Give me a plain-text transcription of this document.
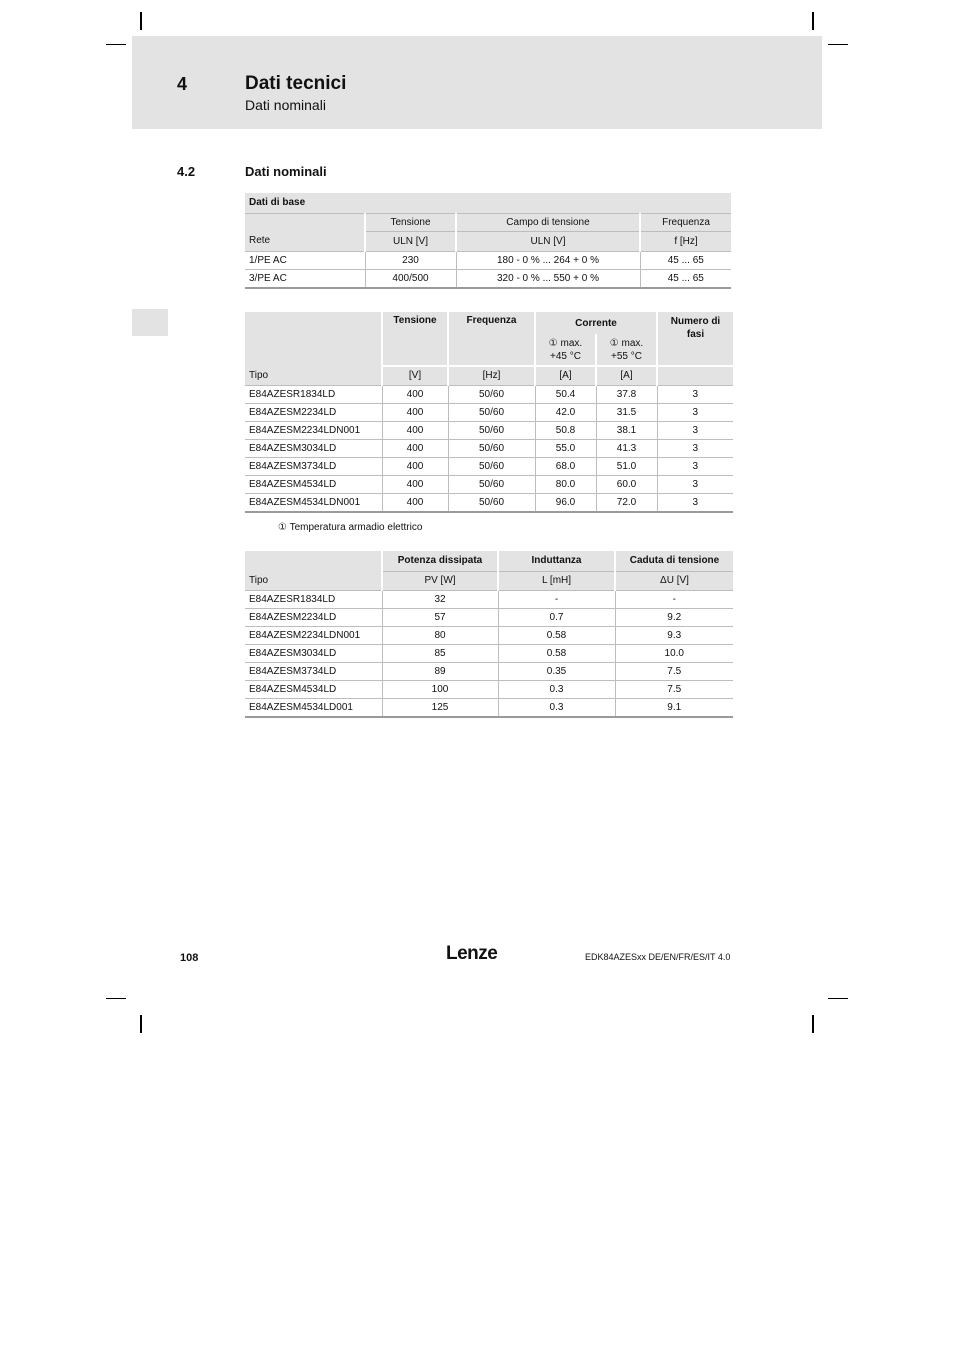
4	Dati tecnici
Dati nominali
4.2	Dati nominali
Dati di base			
	Tensione	Campo di tensione	Frequenza
Rete	ULN [V]	ULN [V]	f [Hz]
1/PE AC	230	180 - 0 % ... 264 + 0 %	45 ... 65
3/PE AC	400/500	320 - 0 % ... 550 + 0 %	45 ... 65
	Tensione	Frequenza	Corrente		Numero di fasi
			① max. +45 °C	① max. +55 °C	
Tipo	[V]	[Hz]	[A]	[A]	
E84AZESR1834LD	400	50/60	50.4	37.8	3
E84AZESM2234LD	400	50/60	42.0	31.5	3
E84AZESM2234LDN001	400	50/60	50.8	38.1	3
E84AZESM3034LD	400	50/60	55.0	41.3	3
E84AZESM3734LD	400	50/60	68.0	51.0	3
E84AZESM4534LD	400	50/60	80.0	60.0	3
E84AZESM4534LDN001	400	50/60	96.0	72.0	3
① Temperatura armadio elettrico
	Potenza dissipata	Induttanza	Caduta di tensione
Tipo	PV [W]	L [mH]	ΔU [V]
E84AZESR1834LD	32	-	-
E84AZESM2234LD	57	0.7	9.2
E84AZESM2234LDN001	80	0.58	9.3
E84AZESM3034LD	85	0.58	10.0
E84AZESM3734LD	89	0.35	7.5
E84AZESM4534LD	100	0.3	7.5
E84AZESM4534LD001	125	0.3	9.1
108	Lenze	EDK84AZESxx DE/EN/FR/ES/IT 4.0
